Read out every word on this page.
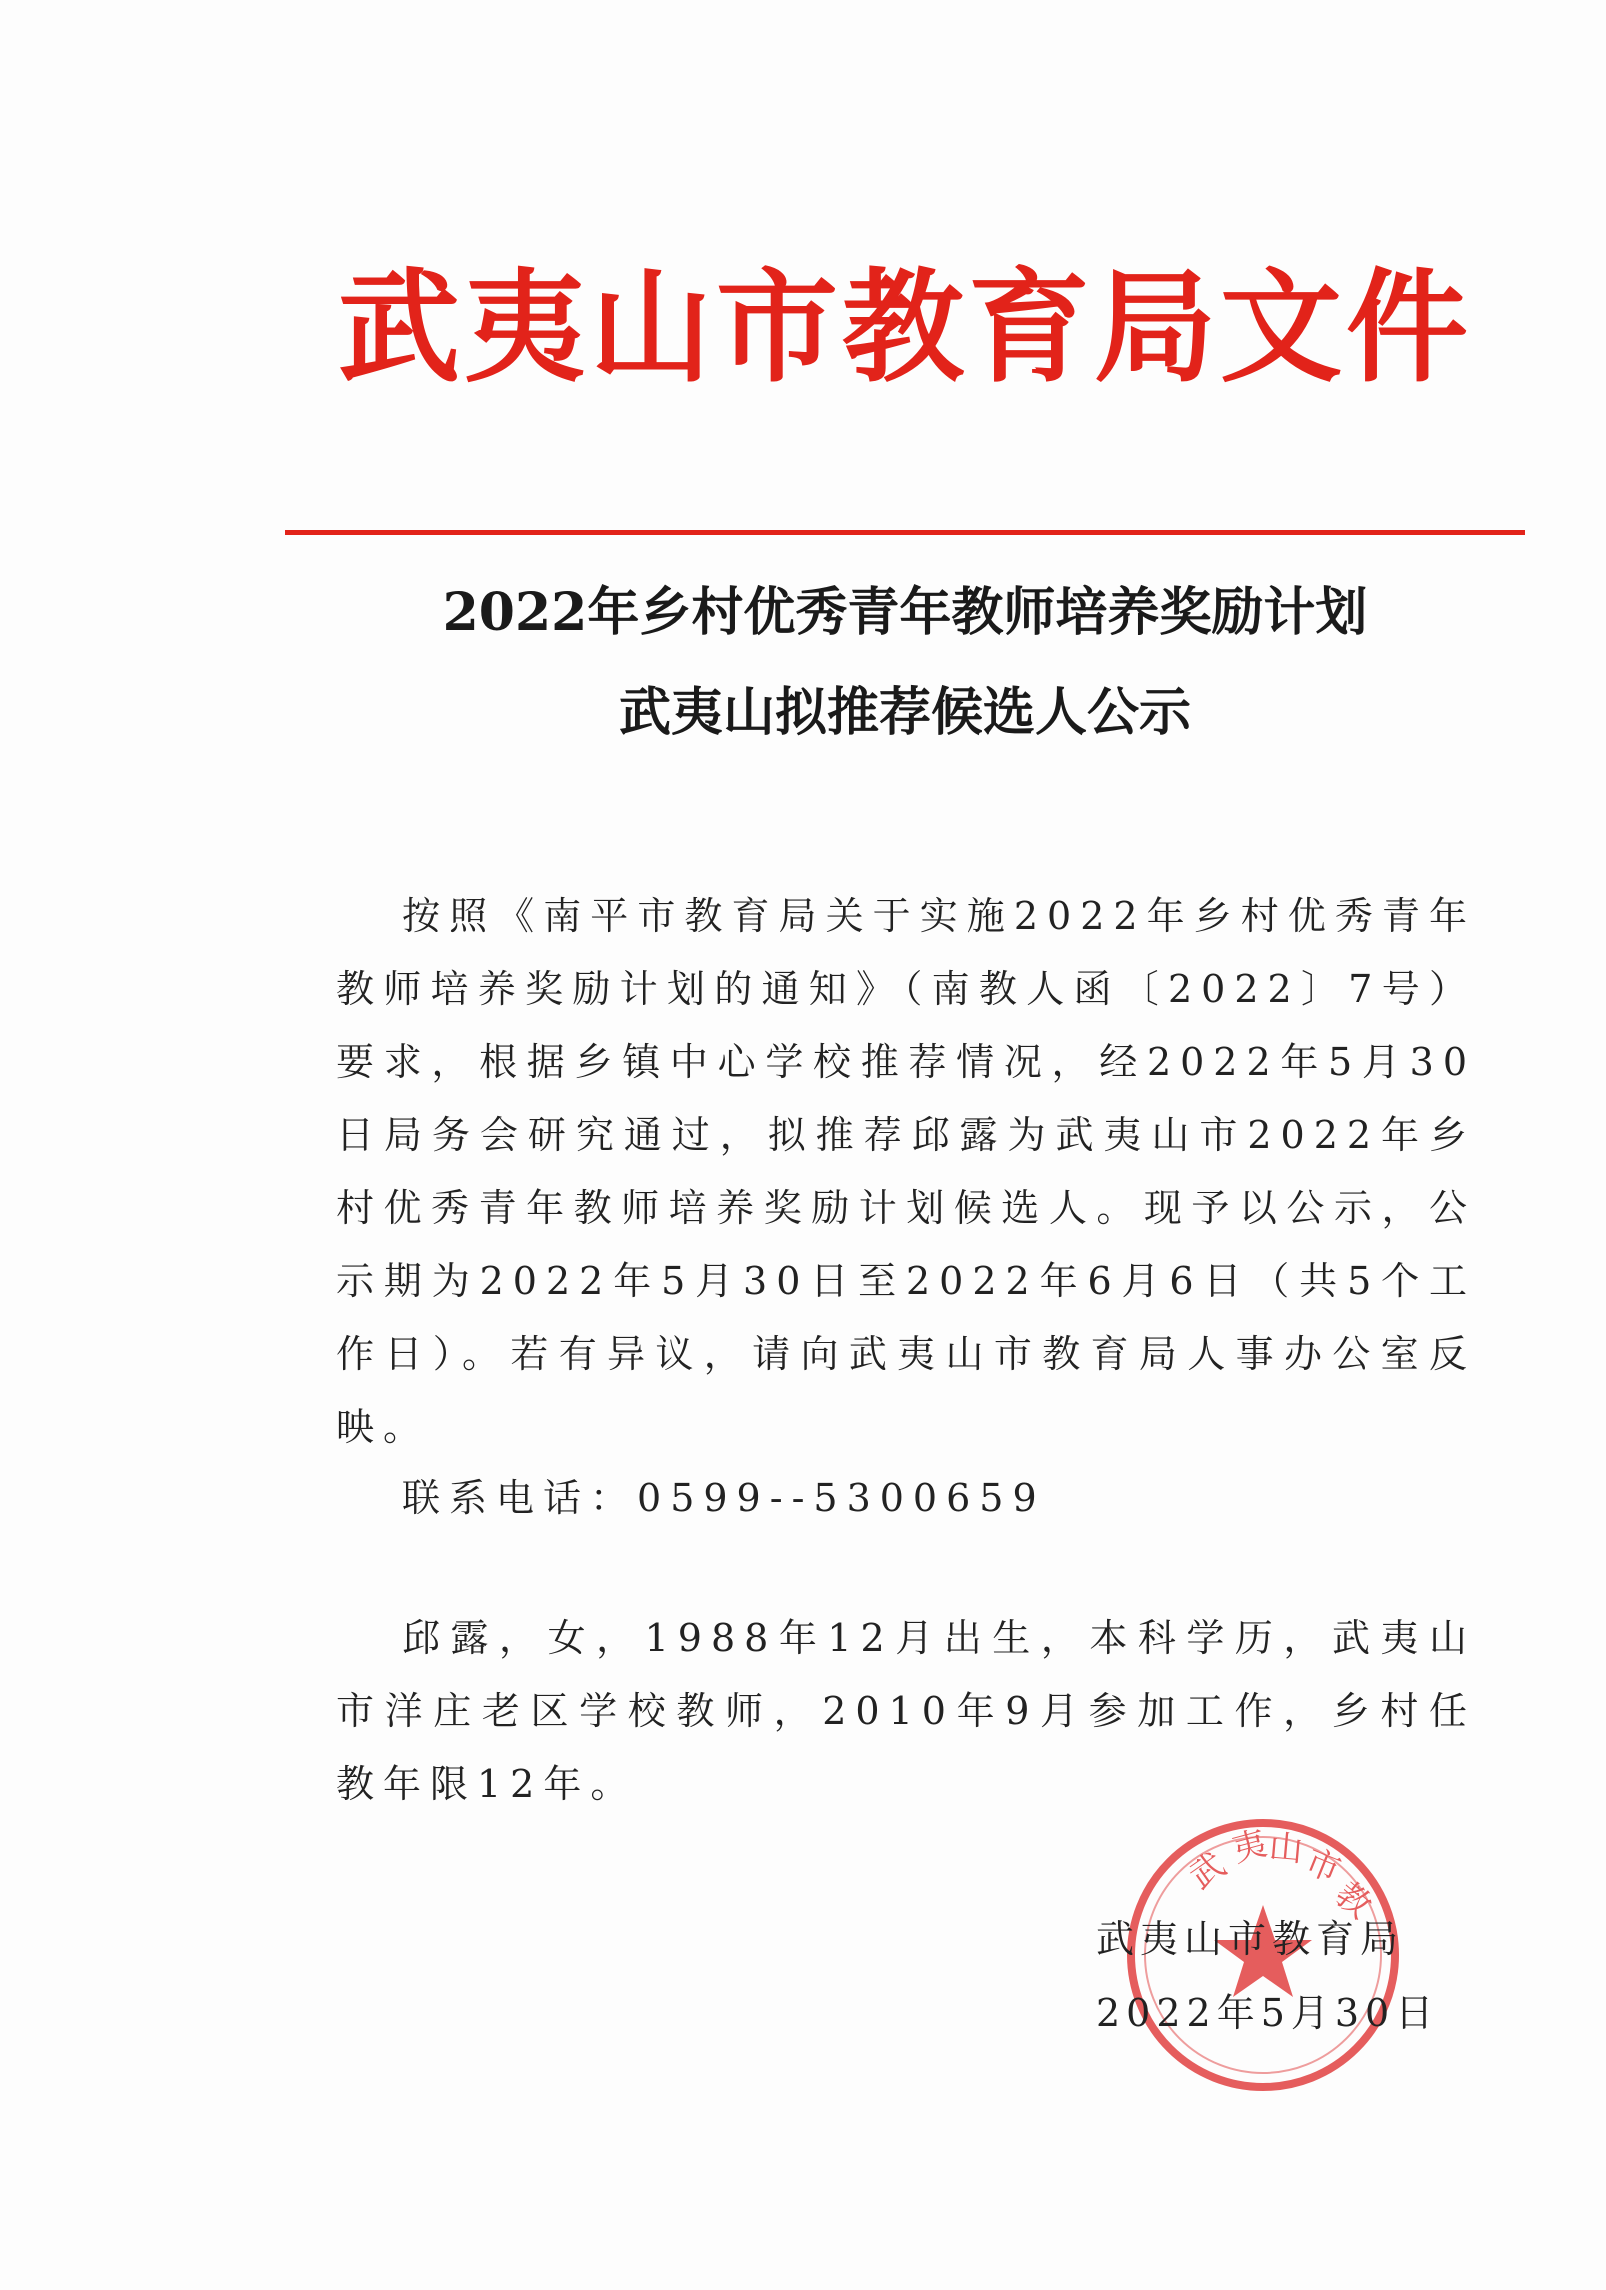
武夷山市教育局文件
2022年乡村优秀青年教师培养奖励计划
武夷山拟推荐候选人公示

按照《南平市教育局关于实施2022年乡村优秀青年教师培养奖励计划的通知》（南教人函〔2022〕7号）要求，根据乡镇中心学校推荐情况，经2022年5月30日局务会研究通过，拟推荐邱露为武夷山市2022年乡村优秀青年教师培养奖励计划候选人。现予以公示，公示期为2022年5月30日至2022年6月6日（共5个工作日）。若有异议，请向武夷山市教育局人事办公室反映。

联系电话：0599--5300659

邱露，女，1988年12月出生，本科学历，武夷山市洋庄老区学校教师，2010年9月参加工作，乡村任教年限12年。

武
夷
山
市
教
武夷山市教育局
2022年5月30日
